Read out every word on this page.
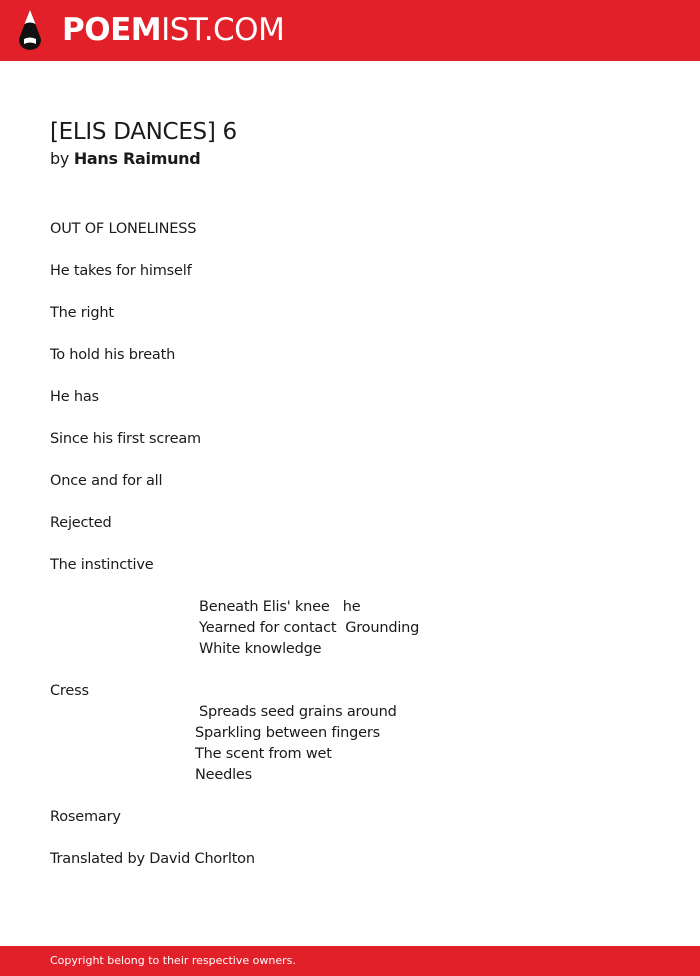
POEMIST.COM
[ELIS DANCES] 6
by Hans Raimund
OUT OF LONELINESS
He takes for himself
The right
To hold his breath
He has
Since his first scream
Once and for all
Rejected
The instinctive
Beneath Elis' knee   he
Yearned for contact  Grounding
White knowledge
Cress
Spreads seed grains around
Sparkling between fingers
The scent from wet
Needles
Rosemary
Translated by David Chorlton
Copyright belong to their respective owners.
